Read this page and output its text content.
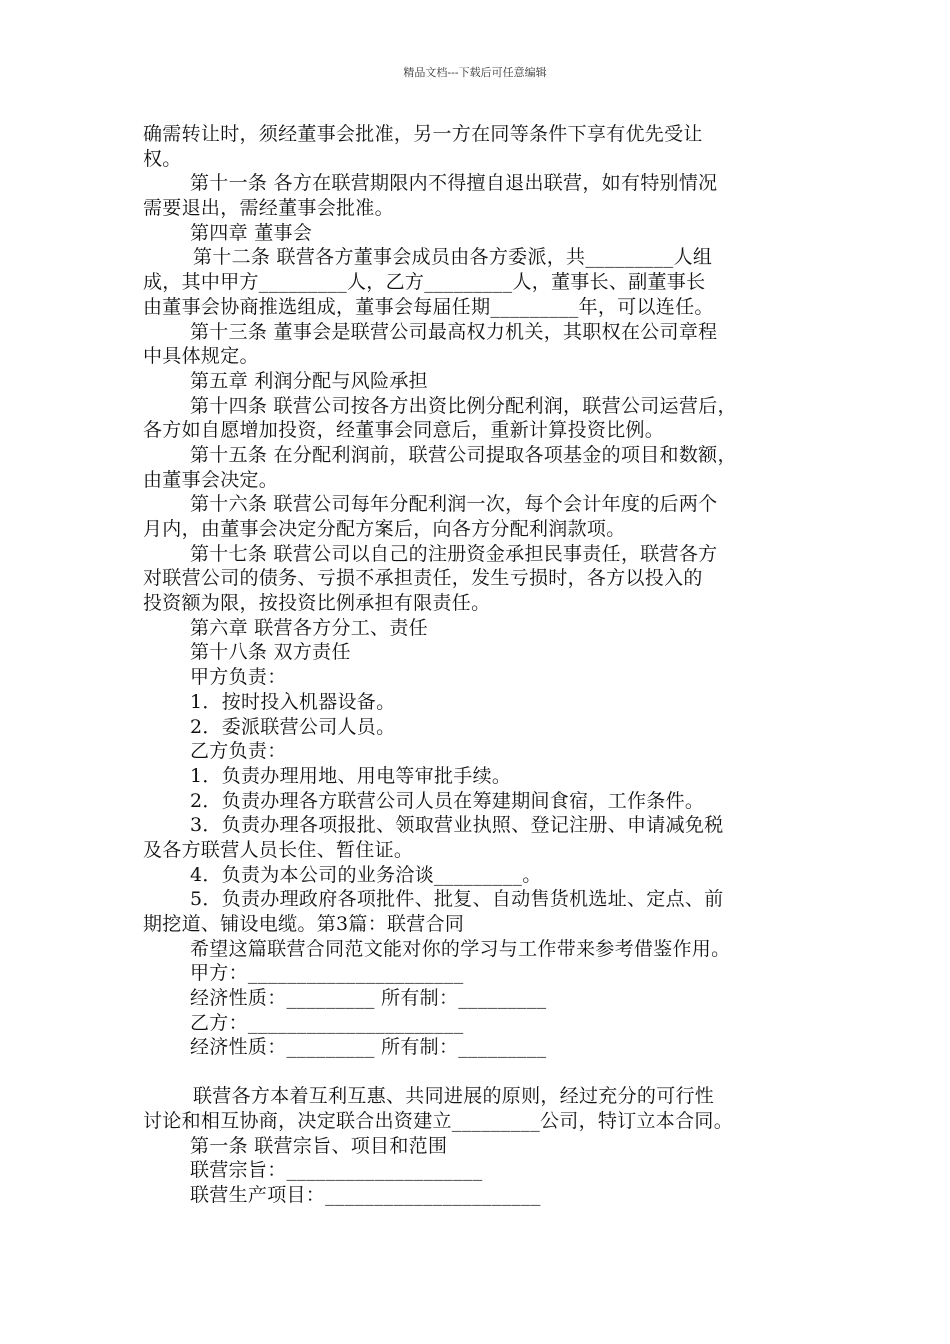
精品文档---下载后可任意编辑
确需转让时，须经董事会批准，另一方在同等条件下享有优先受让
权。
第十一条 各方在联营期限内不得擅自退出联营，如有特别情况
需要退出，需经董事会批准。
第四章 董事会
第十二条 联营各方董事会成员由各方委派，共_________人组
成，其中甲方_________人，乙方_________人，董事长、副董事长
由董事会协商推选组成，董事会每届任期_________年，可以连任。
第十三条 董事会是联营公司最高权力机关，其职权在公司章程
中具体规定。
第五章 利润分配与风险承担
第十四条 联营公司按各方出资比例分配利润，联营公司运营后，
各方如自愿增加投资，经董事会同意后，重新计算投资比例。
第十五条 在分配利润前，联营公司提取各项基金的项目和数额，
由董事会决定。
第十六条 联营公司每年分配利润一次，每个会计年度的后两个
月内，由董事会决定分配方案后，向各方分配利润款项。
第十七条 联营公司以自己的注册资金承担民事责任，联营各方
对联营公司的债务、亏损不承担责任，发生亏损时，各方以投入的
投资额为限，按投资比例承担有限责任。
第六章 联营各方分工、责任
第十八条 双方责任
甲方负责：
1．按时投入机器设备。
2．委派联营公司人员。
乙方负责：
1．负责办理用地、用电等审批手续。
2．负责办理各方联营公司人员在筹建期间食宿，工作条件。
3．负责办理各项报批、领取营业执照、登记注册、申请减免税
及各方联营人员长住、暂住证。
4．负责为本公司的业务洽谈_________。
5．负责办理政府各项批件、批复、自动售货机选址、定点、前
期挖道、铺设电缆。第3篇：联营合同
希望这篇联营合同范文能对你的学习与工作带来参考借鉴作用。
甲方：______________________
经济性质：_________ 所有制：_________
乙方：______________________
经济性质：_________ 所有制：_________
联营各方本着互利互惠、共同进展的原则，经过充分的可行性
讨论和相互协商，决定联合出资建立_________公司，特订立本合同。
第一条 联营宗旨、项目和范围
联营宗旨：____________________
联营生产项目：______________________
